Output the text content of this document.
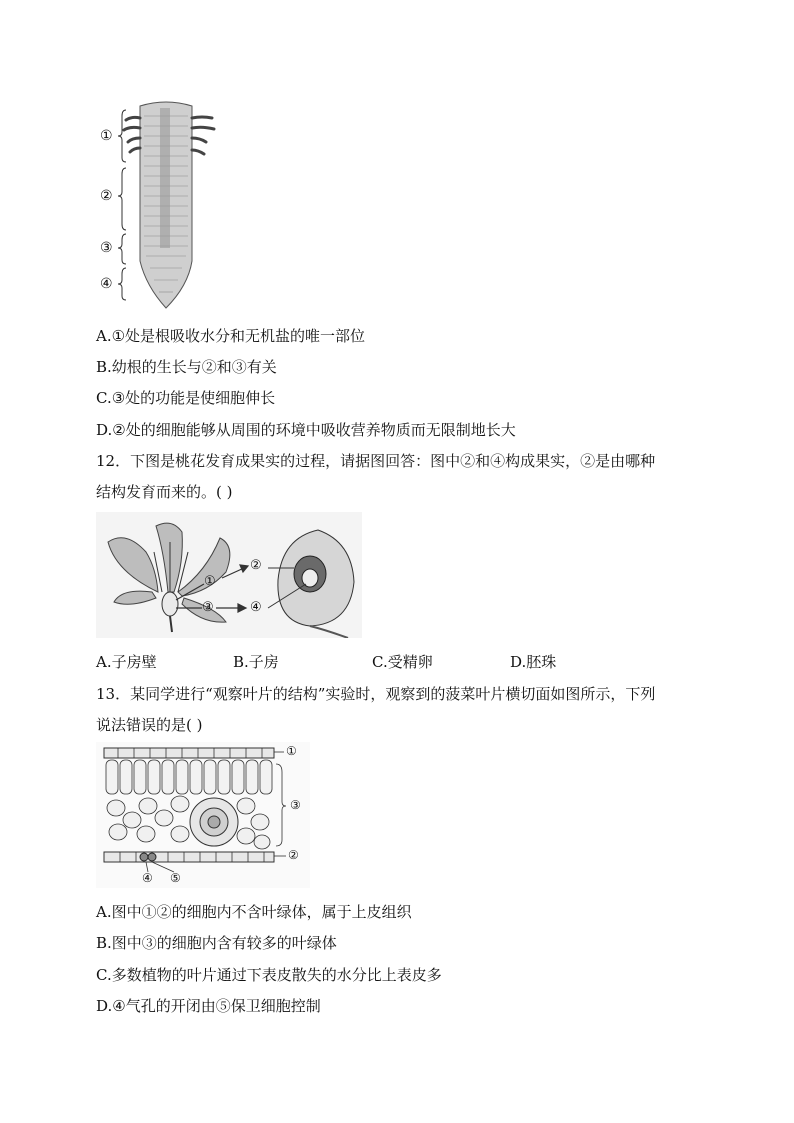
①
②
③
④
A.①处是根吸收水分和无机盐的唯一部位
B.幼根的生长与②和③有关
C.③处的功能是使细胞伸长
D.②处的细胞能够从周围的环境中吸收营养物质而无限制地长大
12．下图是桃花发育成果实的过程，请据图回答：图中②和④构成果实，②是由哪种
结构发育而来的。( )
①
②
③	④
A.子房壁	B.子房	C.受精卵	D.胚珠
13．某同学进行“观察叶片的结构”实验时，观察到的菠菜叶片横切面如图所示，下列
说法错误的是( )
①
③
②
④ ⑤
A.图中①②的细胞内不含叶绿体，属于上皮组织
B.图中③的细胞内含有较多的叶绿体
C.多数植物的叶片通过下表皮散失的水分比上表皮多
D.④气孔的开闭由⑤保卫细胞控制
